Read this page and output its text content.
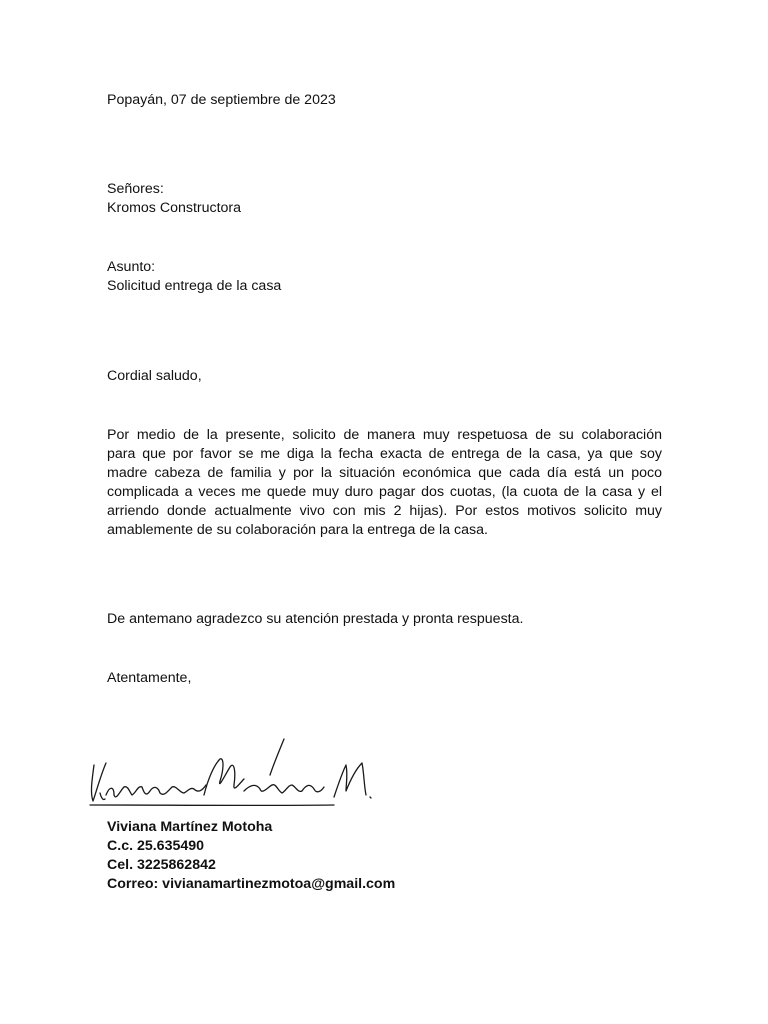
Popayán, 07 de septiembre de 2023
Señores:
Kromos Constructora
Asunto:
Solicitud entrega de la casa
Cordial saludo,
Por medio de la presente, solicito de manera muy respetuosa de su colaboración
para que por favor se me diga la fecha exacta de entrega de la casa, ya que soy
madre cabeza de familia y por la situación económica que cada día está un poco
complicada a veces me quede muy duro pagar dos cuotas, (la cuota de la casa y el
arriendo donde actualmente vivo con mis 2 hijas). Por estos motivos solicito muy
amablemente de su colaboración para la entrega de la casa.
De antemano agradezco su atención prestada y pronta respuesta.
Atentamente,
Viviana Martínez Motoha
C.c. 25.635490
Cel. 3225862842
Correo: vivianamartinezmotoa@gmail.com
